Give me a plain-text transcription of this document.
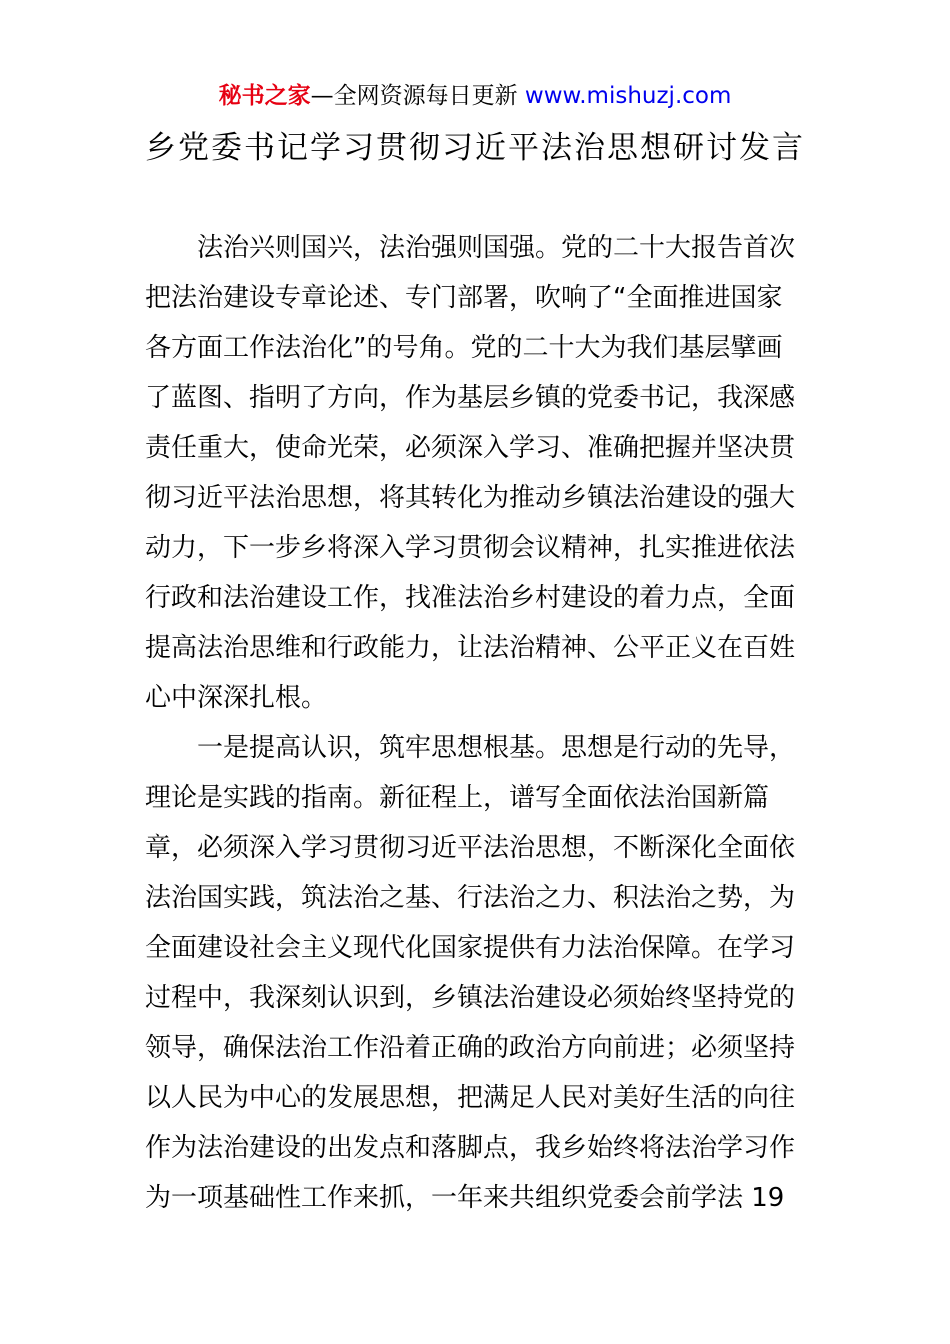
秘书之家—全网资源每日更新 www.mishuzj.com
乡党委书记学习贯彻习近平法治思想研讨发言
　　法治兴则国兴，法治强则国强。党的二十大报告首次
把法治建设专章论述、专门部署，吹响了“全面推进国家
各方面工作法治化”的号角。党的二十大为我们基层擘画
了蓝图、指明了方向，作为基层乡镇的党委书记，我深感
责任重大，使命光荣，必须深入学习、准确把握并坚决贯
彻习近平法治思想，将其转化为推动乡镇法治建设的强大
动力，下一步乡将深入学习贯彻会议精神，扎实推进依法
行政和法治建设工作，找准法治乡村建设的着力点，全面
提高法治思维和行政能力，让法治精神、公平正义在百姓
心中深深扎根。
　　一是提高认识，筑牢思想根基。思想是行动的先导，
理论是实践的指南。新征程上，谱写全面依法治国新篇
章，必须深入学习贯彻习近平法治思想，不断深化全面依
法治国实践，筑法治之基、行法治之力、积法治之势，为
全面建设社会主义现代化国家提供有力法治保障。在学习
过程中，我深刻认识到，乡镇法治建设必须始终坚持党的
领导，确保法治工作沿着正确的政治方向前进；必须坚持
以人民为中心的发展思想，把满足人民对美好生活的向往
作为法治建设的出发点和落脚点，我乡始终将法治学习作
为一项基础性工作来抓，一年来共组织党委会前学法 19
